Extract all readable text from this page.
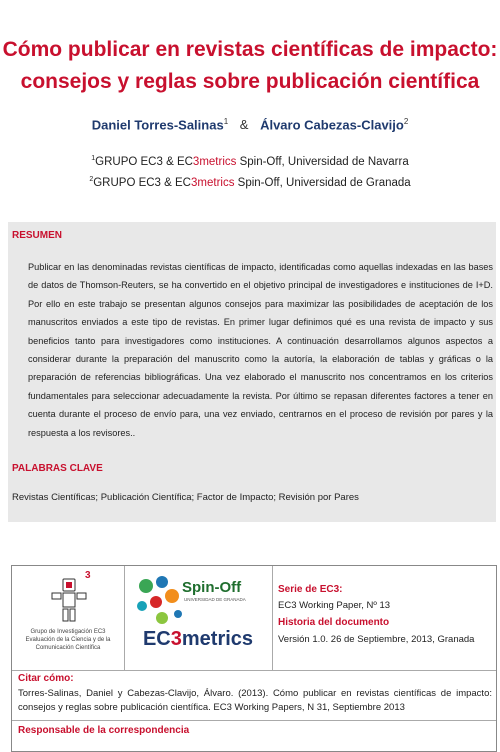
Cómo publicar en revistas científicas de impacto:
consejos y reglas sobre publicación científica
Daniel Torres-Salinas$^1$ & Álvaro Cabezas-Clavijo$^2$
$^1$GRUPO EC3 & EC3metrics Spin-Off, Universidad de Navarra
$^2$GRUPO EC3 & EC3metrics Spin-Off, Universidad de Granada
RESUMEN
Publicar en las denominadas revistas científicas de impacto, identificadas como aquellas indexadas en las bases de datos de Thomson-Reuters, se ha convertido en el objetivo principal de investigadores e instituciones de I+D. Por ello en este trabajo se presentan algunos consejos para maximizar las posibilidades de aceptación de los manuscritos enviados a este tipo de revistas. En primer lugar definimos qué es una revista de impacto y sus beneficios tanto para investigadores como instituciones. A continuación desarrollamos algunos aspectos a considerar durante la preparación del manuscrito como la autoría, la elaboración de tablas y gráficas o la preparación de referencias bibliográficas. Una vez elaborado el manuscrito nos concentramos en los criterios fundamentales para seleccionar adecuadamente la revista. Por último se repasan diferentes factores a tener en cuenta durante el proceso de envío para, una vez enviado, centrarnos en el proceso de revisión por pares y la respuesta a los revisores..
PALABRAS CLAVE
Revistas Científicas; Publicación Científica; Factor de Impacto; Revisión por Pares
3
Grupo de Investigación EC3 Evaluación de la Ciencia y de la Comunicación Científica
Spin-Off
UNIVERSIDAD DE GRANADA
EC3metrics
Serie de EC3:
EC3 Working Paper, Nº 13
Historia del documento
Versión 1.0. 26 de Septiembre, 2013, Granada
Citar cómo:
Torres-Salinas, Daniel y Cabezas-Clavijo, Álvaro. (2013). Cómo publicar en revistas científicas de impacto: consejos y reglas sobre publicación científica. EC3 Working Papers, N 31, Septiembre 2013
Responsable de la correspondencia
